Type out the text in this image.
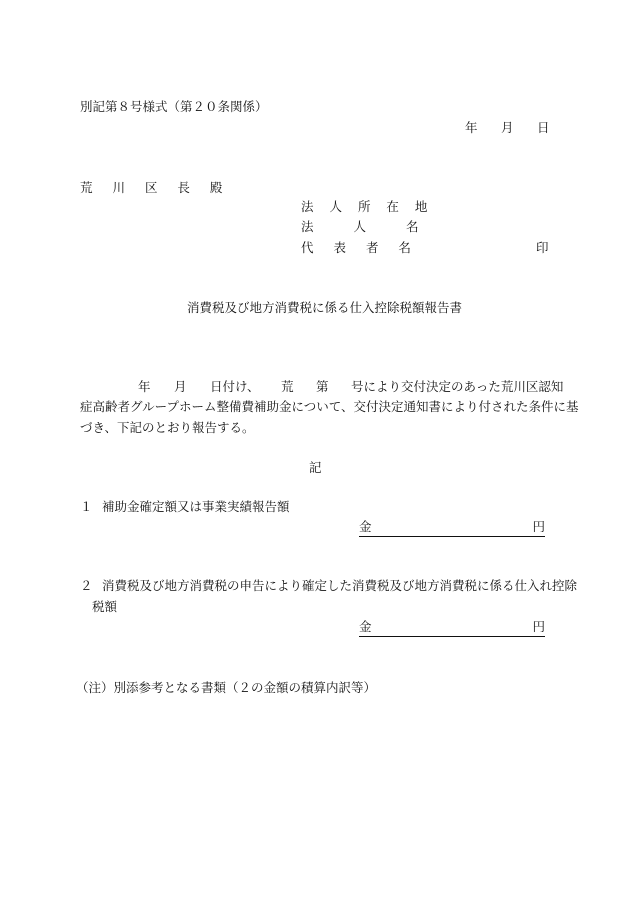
別記第８号様式（第２０条関係）
年 月 日
荒 川 区 長 殿
法 人 所 在 地
法 人 名
代 表 者 名	印
消費税及び地方消費税に係る仕入控除税額報告書
年 月 日付け、 荒 第 号により交付決定のあった荒川区認知
症高齢者グループホーム整備費補助金について、交付決定通知書により付された条件に基
づき、下記のとおり報告する。
記
１ 補助金確定額又は事業実績報告額
金	円
２ 消費税及び地方消費税の申告により確定した消費税及び地方消費税に係る仕入れ控除
税額
金	円
（注）別添参考となる書類（２の金額の積算内訳等）
